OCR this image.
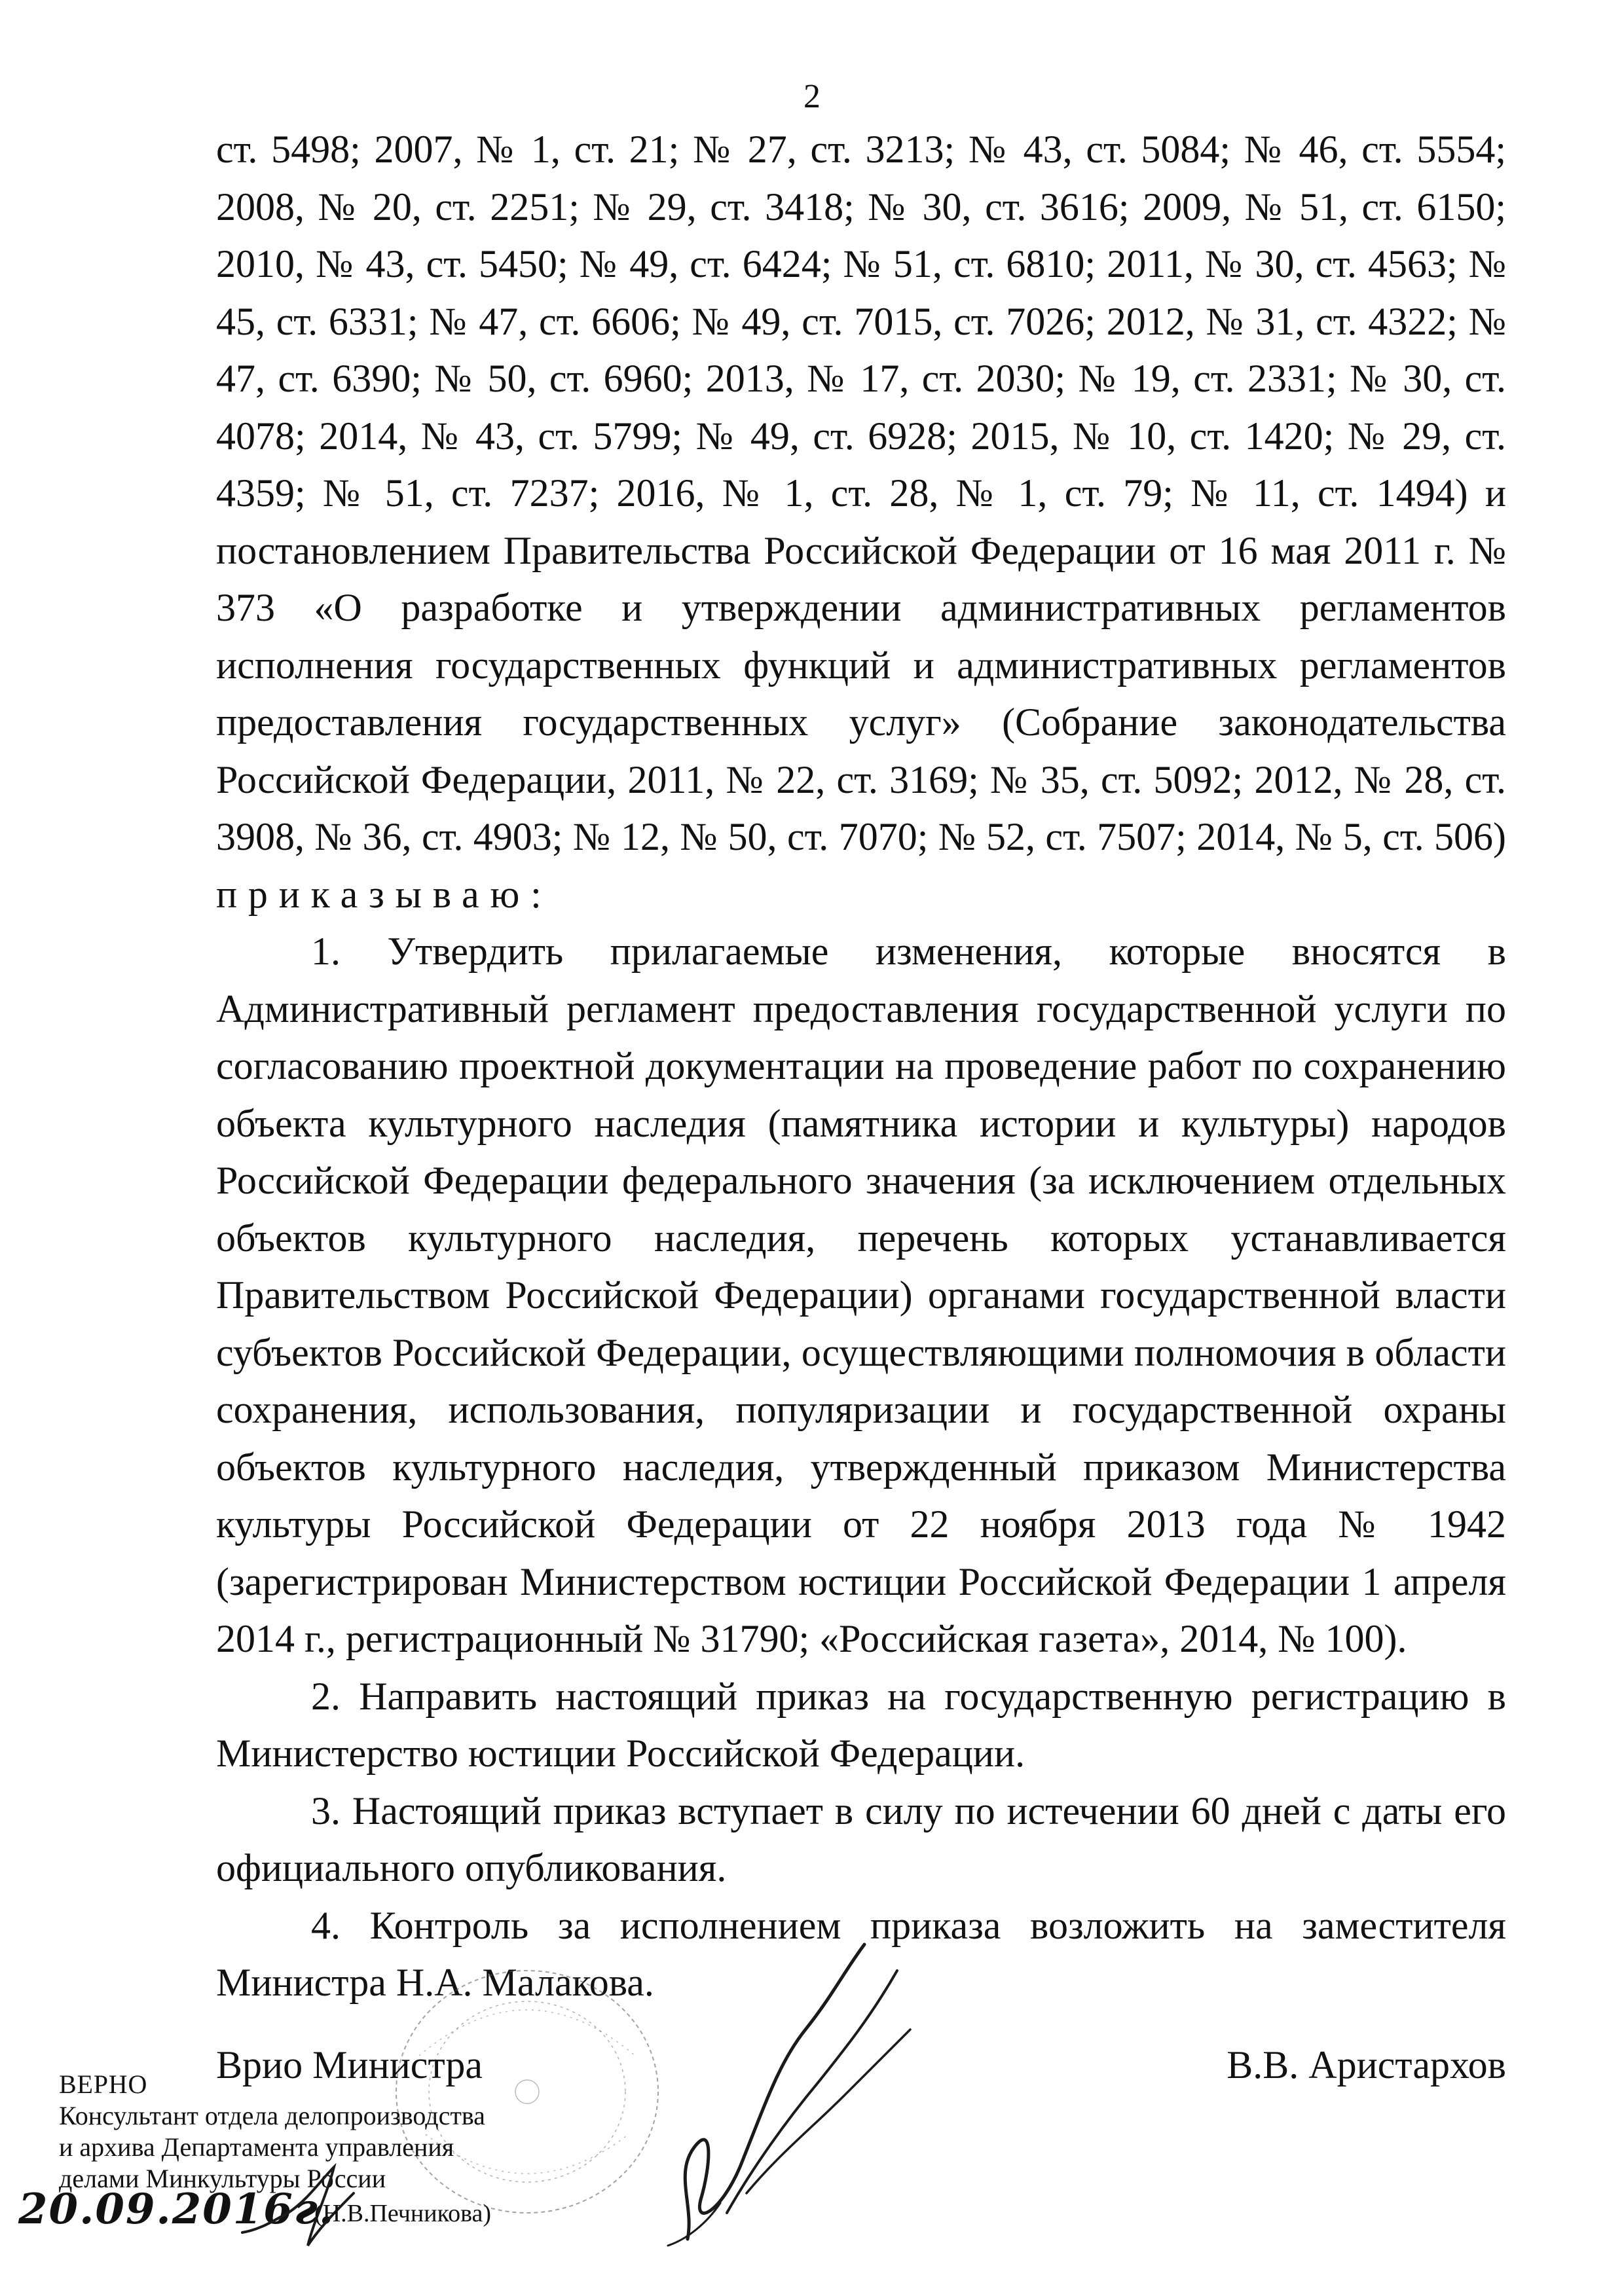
2

ст. 5498; 2007, № 1, ст. 21; № 27, ст. 3213; № 43, ст. 5084; № 46, ст. 5554; 2008, № 20, ст. 2251; № 29, ст. 3418; № 30, ст. 3616; 2009, № 51, ст. 6150; 2010, № 43, ст. 5450; № 49, ст. 6424; № 51, ст. 6810; 2011, № 30, ст. 4563; № 45, ст. 6331; № 47, ст. 6606; № 49, ст. 7015, ст. 7026; 2012, № 31, ст. 4322; № 47, ст. 6390; № 50, ст. 6960; 2013, № 17, ст. 2030; № 19, ст. 2331; № 30, ст. 4078; 2014, № 43, ст. 5799; № 49, ст. 6928; 2015, № 10, ст. 1420; № 29, ст. 4359; № 51, ст. 7237; 2016, № 1, ст. 28, № 1, ст. 79; № 11, ст. 1494) и постановлением Правительства Российской Федерации от 16 мая 2011 г. № 373 «О разработке и утверждении административных регламентов исполнения государственных функций и административных регламентов предоставления государственных услуг» (Собрание законодательства Российской Федерации, 2011, № 22, ст. 3169; № 35, ст. 5092; 2012, № 28, ст. 3908, № 36, ст. 4903; № 12, № 50, ст. 7070; № 52, ст. 7507; 2014, № 5, ст. 506) приказываю:

1. Утвердить прилагаемые изменения, которые вносятся в Административный регламент предоставления государственной услуги по согласованию проектной документации на проведение работ по сохранению объекта культурного наследия (памятника истории и культуры) народов Российской Федерации федерального значения (за исключением отдельных объектов культурного наследия, перечень которых устанавливается Правительством Российской Федерации) органами государственной власти субъектов Российской Федерации, осуществляющими полномочия в области сохранения, использования, популяризации и государственной охраны объектов культурного наследия, утвержденный приказом Министерства культуры Российской Федерации от 22 ноября 2013 года № 1942 (зарегистрирован Министерством юстиции Российской Федерации 1 апреля 2014 г., регистрационный № 31790; «Российская газета», 2014, № 100).

2. Направить настоящий приказ на государственную регистрацию в Министерство юстиции Российской Федерации.

3. Настоящий приказ вступает в силу по истечении 60 дней с даты его официального опубликования.

4. Контроль за исполнением приказа возложить на заместителя Министра Н.А. Малакова.

Врио Министра	В.В. Аристархов
ВЕРНО
Консультант отдела делопроизводства
и архива Департамента управления
делами Минкультуры России
20.09.2016г.
(Н.В.Печникова)
